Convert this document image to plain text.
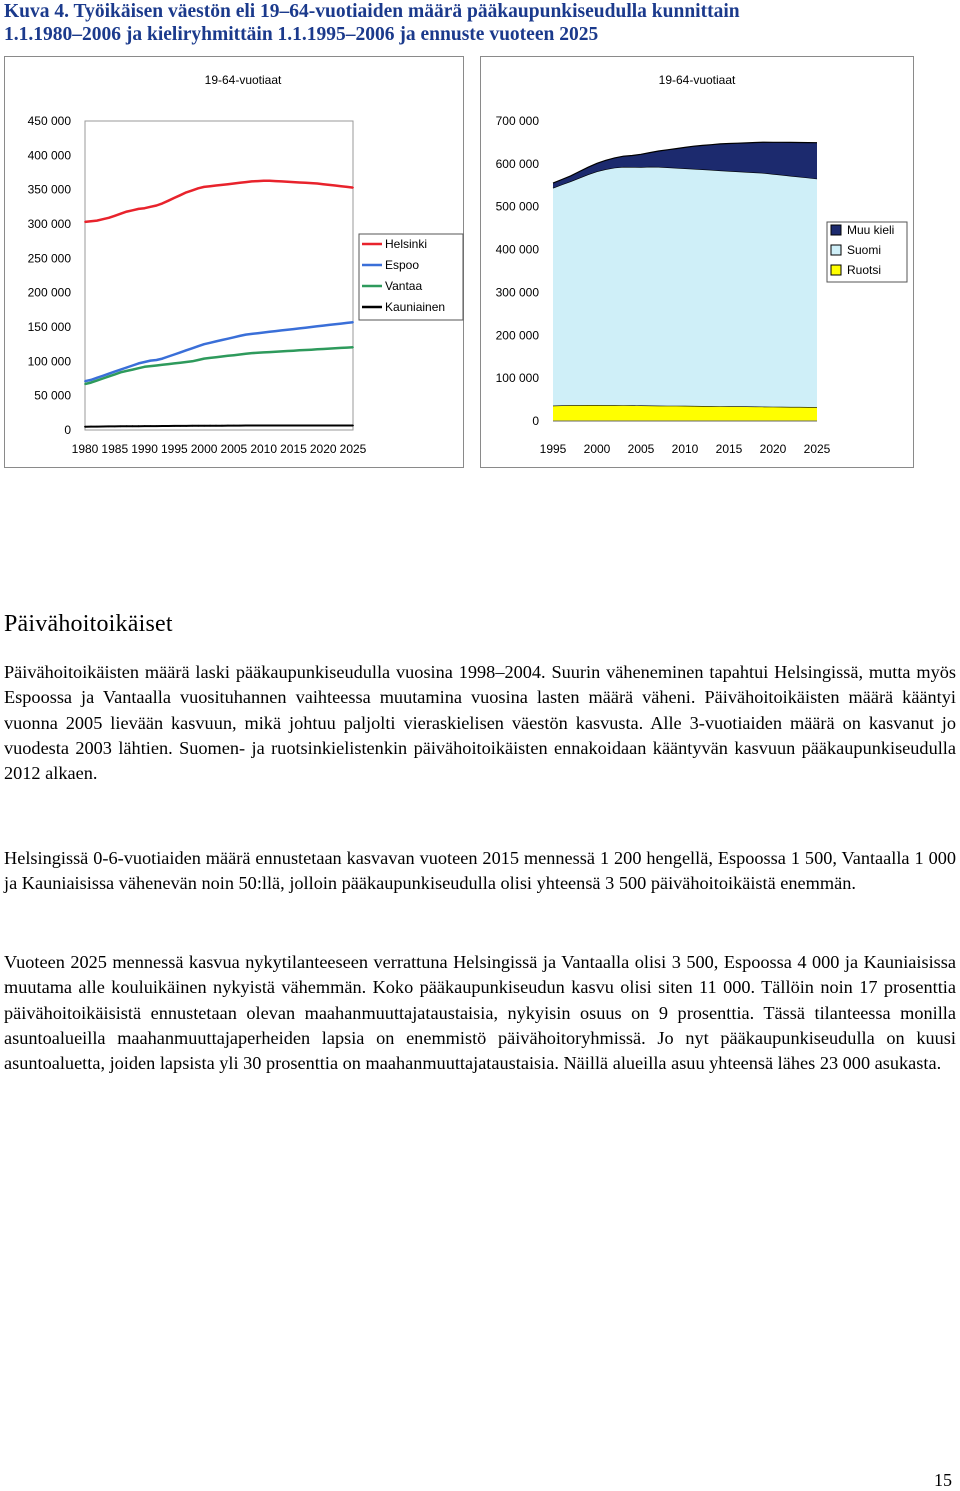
Kuva 4. Työikäisen väestön eli 19–64-vuotiaiden määrä pääkaupunkiseudulla kunnittain
1.1.1980–2006 ja kieliryhmittäin 1.1.1995–2006 ja ennuste vuoteen 2025
19-64-vuotiaat
0
50 000
100 000
150 000
200 000
250 000
300 000
350 000
400 000
450 000
1980 1985 1990 1995 2000 2005 2010 2015 2020 2025
Helsinki
Espoo
Vantaa
Kauniainen
19-64-vuotiaat
0
100 000
200 000
300 000
400 000
500 000
600 000
700 000
1995 2000 2005 2010 2015 2020 2025
Muu kieli
Suomi
Ruotsi
Päivähoitoikäiset

Päivähoitoikäisten määrä laski pääkaupunkiseudulla vuosina 1998–2004. Suurin väheneminen tapahtui Helsingissä, mutta myös Espoossa ja Vantaalla vuosituhannen vaihteessa muutamina vuosina lasten määrä väheni. Päivähoitoikäisten määrä kääntyi vuonna 2005 lievään kasvuun, mikä johtuu paljolti vieraskielisen väestön kasvusta. Alle 3-vuotiaiden määrä on kasvanut jo vuodesta 2003 lähtien. Suomen- ja ruotsinkielistenkin päivähoitoikäisten ennakoidaan kääntyvän kasvuun pääkaupunkiseudulla 2012 alkaen.

Helsingissä 0-6-vuotiaiden määrä ennustetaan kasvavan vuoteen 2015 mennessä 1 200 hengellä, Espoossa 1 500, Vantaalla 1 000 ja Kauniaisissa vähenevän noin 50:llä, jolloin pääkaupunkiseudulla olisi yhteensä 3 500 päivähoitoikäistä enemmän.

Vuoteen 2025 mennessä kasvua nykytilanteeseen verrattuna Helsingissä ja Vantaalla olisi 3 500, Espoossa 4 000 ja Kauniaisissa muutama alle kouluikäinen nykyistä vähemmän. Koko pääkaupunkiseudun kasvu olisi siten 11 000. Tällöin noin 17 prosenttia päivähoitoikäisistä ennustetaan olevan maahanmuuttajataustaisia, nykyisin osuus on 9 prosenttia. Tässä tilanteessa monilla asuntoalueilla maahanmuuttajaperheiden lapsia on enemmistö päivähoitoryhmissä. Jo nyt pääkaupunkiseudulla on kuusi asuntoaluetta, joiden lapsista yli 30 prosenttia on maahanmuuttajataustaisia. Näillä alueilla asuu yhteensä lähes 23 000 asukasta.

15
